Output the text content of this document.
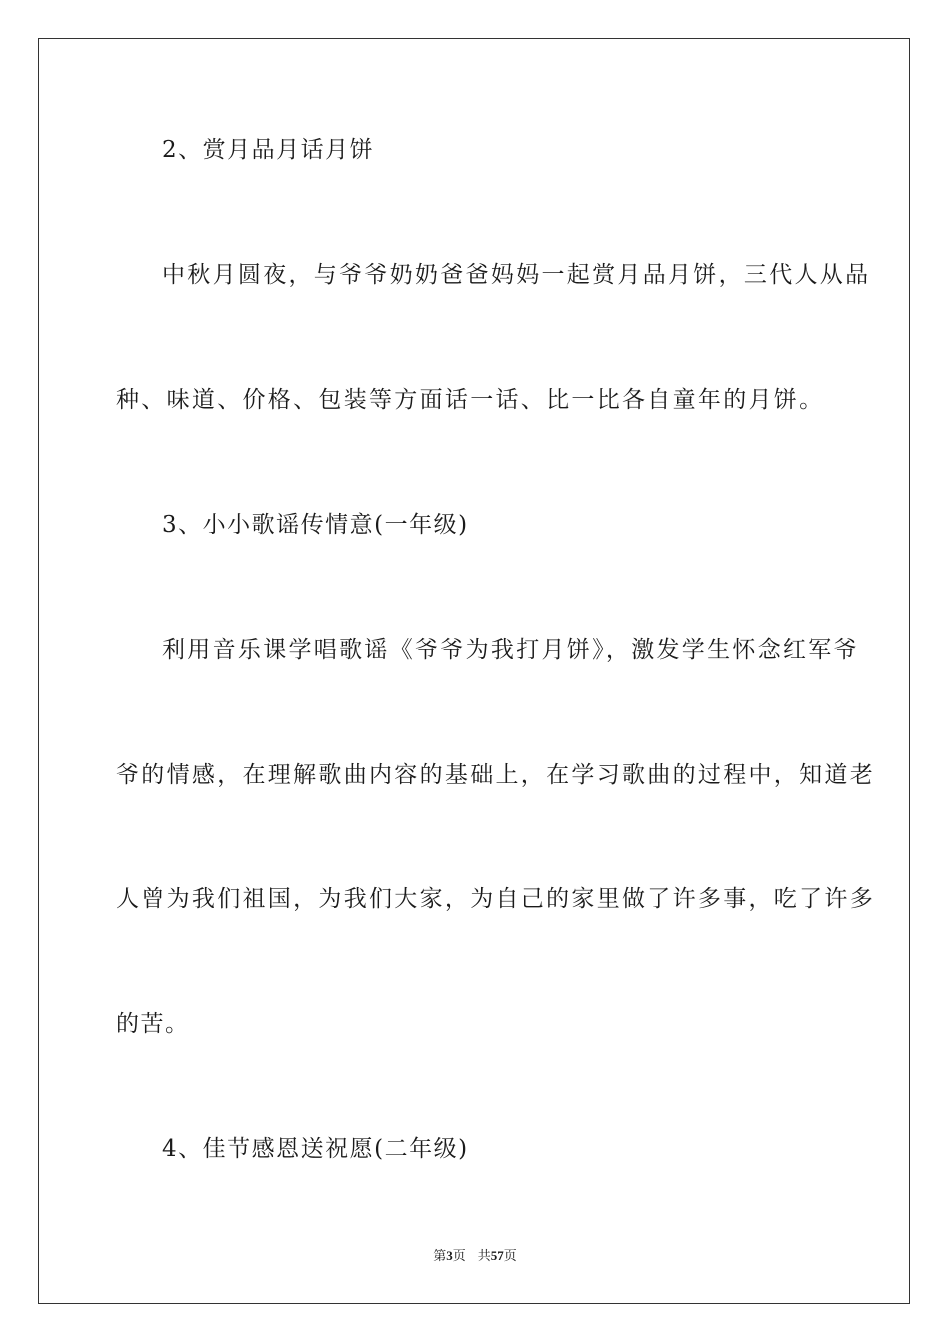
2、赏月品月话月饼
中秋月圆夜，与爷爷奶奶爸爸妈妈一起赏月品月饼，三代人从品
种、味道、价格、包装等方面话一话、比一比各自童年的月饼。
3、小小歌谣传情意(一年级)
利用音乐课学唱歌谣《爷爷为我打月饼》，激发学生怀念红军爷
爷的情感，在理解歌曲内容的基础上，在学习歌曲的过程中，知道老
人曾为我们祖国，为我们大家，为自己的家里做了许多事，吃了许多
的苦。
4、佳节感恩送祝愿(二年级)
第3页 共57页
